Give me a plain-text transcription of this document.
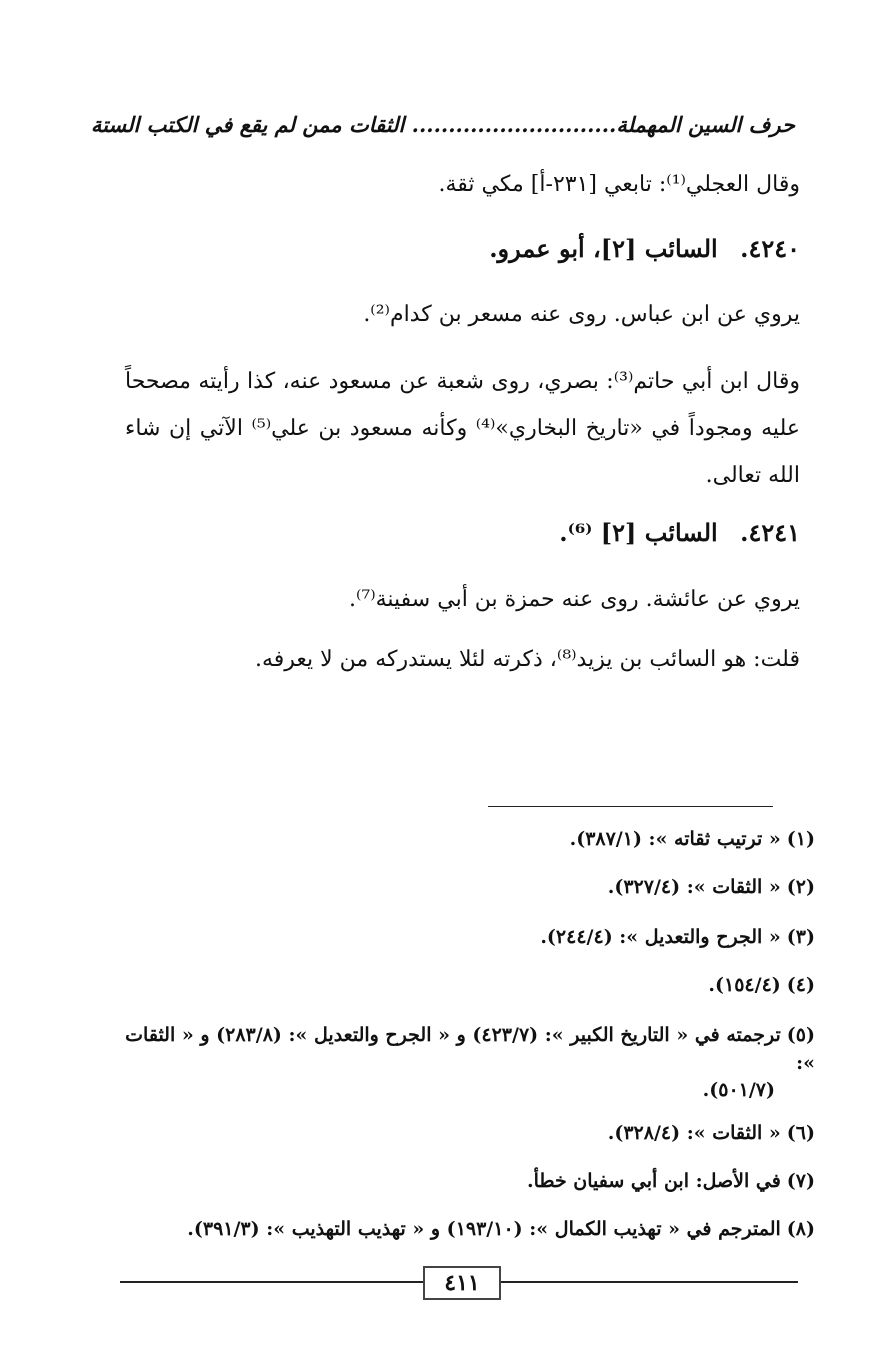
حرف السين المهملة............................ الثقات ممن لم يقع في الكتب الستة
وقال العجلي⁽¹⁾: تابعي [٢٣١-أ] مكي ثقة.
٤٢٤٠. السائب [٢]، أبو عمرو.
يروي عن ابن عباس. روى عنه مسعر بن كدام⁽²⁾.
وقال ابن أبي حاتم⁽³⁾: بصري، روى شعبة عن مسعود عنه، كذا رأيته مصححاً عليه ومجوداً في «تاريخ البخاري»⁽⁴⁾ وكأنه مسعود بن علي⁽⁵⁾ الآتي إن شاء الله تعالى.
٤٢٤١. السائب [٢] ⁽⁶⁾.
يروي عن عائشة. روى عنه حمزة بن أبي سفينة⁽⁷⁾.
قلت: هو السائب بن يزيد⁽⁸⁾، ذكرته لئلا يستدركه من لا يعرفه.
(١)« ترتيب ثقاته »: (٣٨٧/١).
(٢)« الثقات »: (٣٢٧/٤).
(٣)« الجرح والتعديل »: (٢٤٤/٤).
(٤)(١٥٤/٤).
(٥)ترجمته في « التاريخ الكبير »: (٤٢٣/٧) و « الجرح والتعديل »: (٢٨٣/٨) و « الثقات »:
(٥٠١/٧).
(٦)« الثقات »: (٣٢٨/٤).
(٧)في الأصل: ابن أبي سفيان خطأ.
(٨)المترجم في « تهذيب الكمال »: (١٩٣/١٠) و « تهذيب التهذيب »: (٣٩١/٣).
٤١١
